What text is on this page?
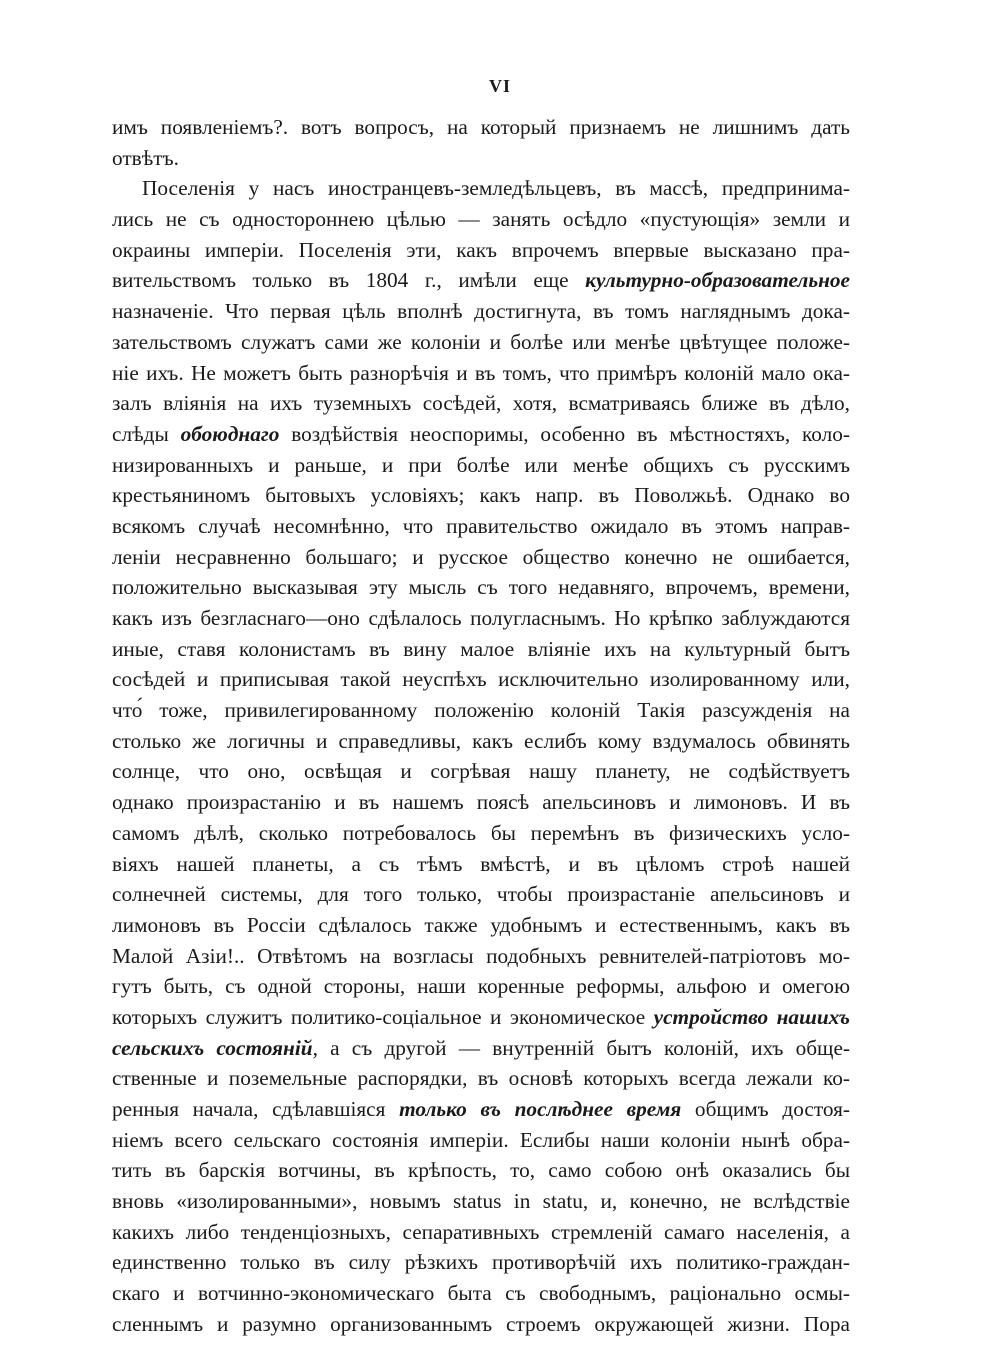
VI
имъ появленіемъ?. вотъ вопросъ, на который признаемъ не лишнимъ дать
отвѣтъ.
Поселенія у насъ иностранцевъ-земледѣльцевъ, въ массѣ, предпринима-
лись не съ одностороннею цѣлью — занять осѣдло «пустующія» земли и
окраины имперіи. Поселенія эти, какъ впрочемъ впервые высказано пра-
вительствомъ только въ 1804 г., имѣли еще культурно-образовательное
назначеніе. Что первая цѣль вполнѣ достигнута, въ томъ нагляднымъ дока-
зательствомъ служатъ сами же колоніи и болѣе или менѣе цвѣтущее положе-
ніе ихъ. Не можетъ быть разнорѣчія и въ томъ, что примѣръ колоній мало ока-
залъ вліянія на ихъ туземныхъ сосѣдей, хотя, всматриваясь ближе въ дѣло,
слѣды обоюднаго воздѣйствія неоспоримы, особенно въ мѣстностяхъ, коло-
низированныхъ и раньше, и при болѣе или менѣе общихъ съ русскимъ
крестьяниномъ бытовыхъ условіяхъ; какъ напр. въ Поволжьѣ. Однако во
всякомъ случаѣ несомнѣнно, что правительство ожидало въ этомъ направ-
леніи несравненно большаго; и русское общество конечно не ошибается,
положительно высказывая эту мысль съ того недавняго, впрочемъ, времени,
какъ изъ безгласнаго—оно сдѣлалось полугласнымъ. Но крѣпко заблуждаются
иные, ставя колонистамъ въ вину малое вліяніе ихъ на культурный бытъ
сосѣдей и приписывая такой неуспѣхъ исключительно изолированному или,
что́ тоже, привилегированному положенію колоній Такія разсужденія на
столько же логичны и справедливы, какъ еслибъ кому вздумалось обвинять
солнце, что оно, освѣщая и согрѣвая нашу планету, не содѣйствуетъ
однако произрастанію и въ нашемъ поясѣ апельсиновъ и лимоновъ. И въ
самомъ дѣлѣ, сколько потребовалось бы перемѣнъ въ физическихъ усло-
віяхъ нашей планеты, а съ тѣмъ вмѣстѣ, и въ цѣломъ строѣ нашей
солнечней системы, для того только, чтобы произрастаніе апельсиновъ и
лимоновъ въ Россіи сдѣлалось также удобнымъ и естественнымъ, какъ въ
Малой Азіи!.. Отвѣтомъ на возгласы подобныхъ ревнителей-патріотовъ мо-
гутъ быть, съ одной стороны, наши коренные реформы, альфою и омегою
которыхъ служитъ политико-соціальное и экономическое устройство нашихъ
сельскихъ состояній, а съ другой — внутренній бытъ колоній, ихъ обще-
ственные и поземельные распорядки, въ основѣ которыхъ всегда лежали ко-
ренныя начала, сдѣлавшіяся только въ послѣднее время общимъ достоя-
ніемъ всего сельскаго состоянія имперіи. Еслибы наши колоніи нынѣ обра-
тить въ барскія вотчины, въ крѣпость, то, само собою онѣ оказались бы
вновь «изолированными», новымъ status in statu, и, конечно, не вслѣдствіе
какихъ либо тенденціозныхъ, сепаративныхъ стремленій самаго населенія, а
единственно только въ силу рѣзкихъ противорѣчій ихъ политико-граждан-
скаго и вотчинно-экономическаго быта съ свободнымъ, раціонально осмы-
сленнымъ и разумно организованнымъ строемъ окружающей жизни. Пора
